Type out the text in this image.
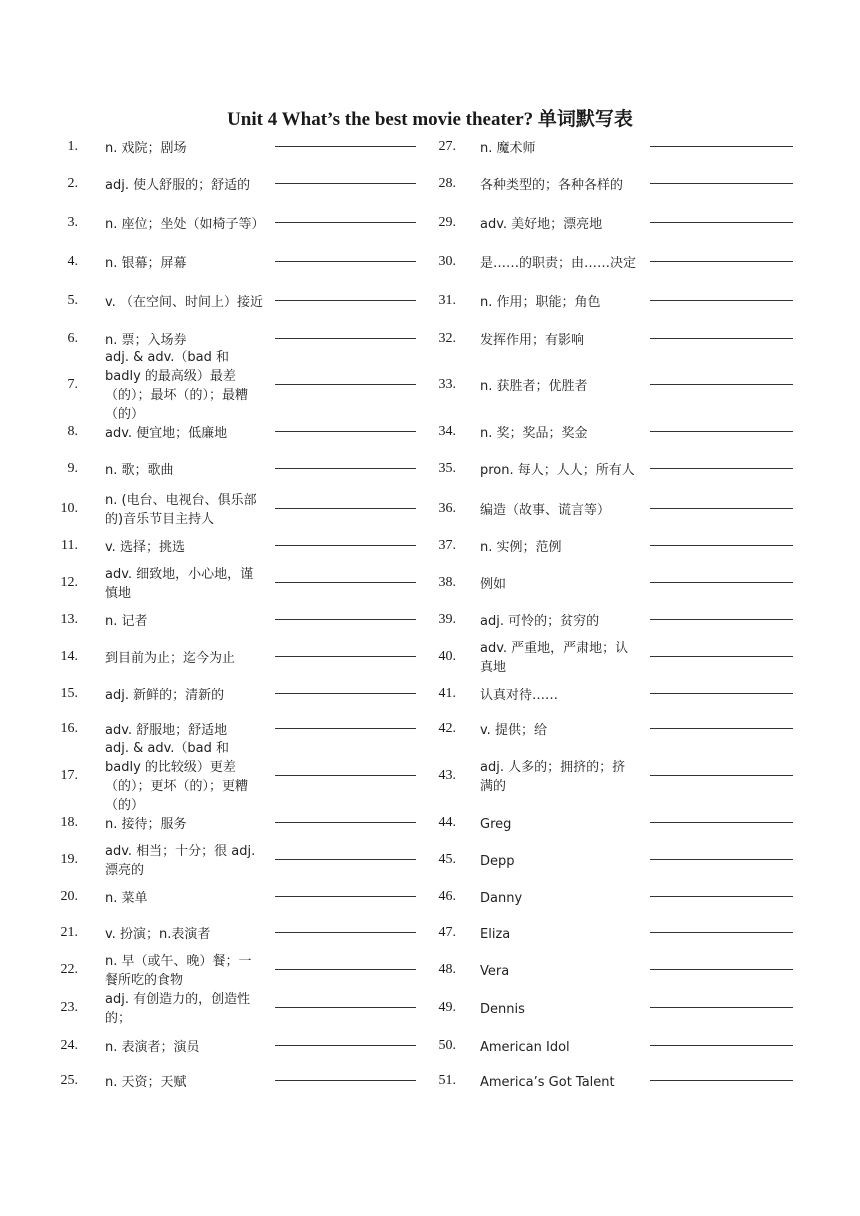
Unit 4 What’s the best movie theater? 单词默写表
1. n. 戏院；剧场
2. adj. 使人舒服的；舒适的
3. n. 座位；坐处（如椅子等）
4. n. 银幕；屏幕
5. v. （在空间、时间上）接近
6. n. 票；入场券
7.
adj. & adv.（bad 和 badly 的最高级）最差（的）；最坏（的）；最糟（的）
8. adv. 便宜地；低廉地
9. n. 歌；歌曲
10.
n. (电台、电视台、俱乐部的)音乐节目主持人
11. v. 选择；挑选
12.
adv. 细致地，小心地，谨慎地
13. n. 记者
14. 到目前为止；迄今为止
15. adj. 新鲜的；清新的
16. adv. 舒服地；舒适地
17.
adj. & adv.（bad 和 badly 的比较级）更差（的）；更坏（的）；更糟（的）
18. n. 接待；服务
19.
adv. 相当；十分；很 adj.漂亮的
20. n. 菜单
21. v. 扮演；n.表演者
22.
n. 早（或午、晚）餐；一餐所吃的食物
23.
adj. 有创造力的，创造性的；
24. n. 表演者；演员
25. n. 天资；天赋
27. n. 魔术师
28. 各种类型的；各种各样的
29. adv. 美好地；漂亮地
30. 是……的职责；由……决定
31. n. 作用；职能；角色
32. 发挥作用；有影响
33. n. 获胜者；优胜者
34. n. 奖；奖品；奖金
35. pron. 每人；人人；所有人
36. 编造（故事、谎言等）
37. n. 实例；范例
38. 例如
39. adj. 可怜的；贫穷的
40.
adv. 严重地，严肃地；认真地
41. 认真对待……
42. v. 提供；给
43.
adj. 人多的；拥挤的；挤满的
44. Greg
45. Depp
46. Danny
47. Eliza
48. Vera
49. Dennis
50. American Idol
51. America’s Got Talent
